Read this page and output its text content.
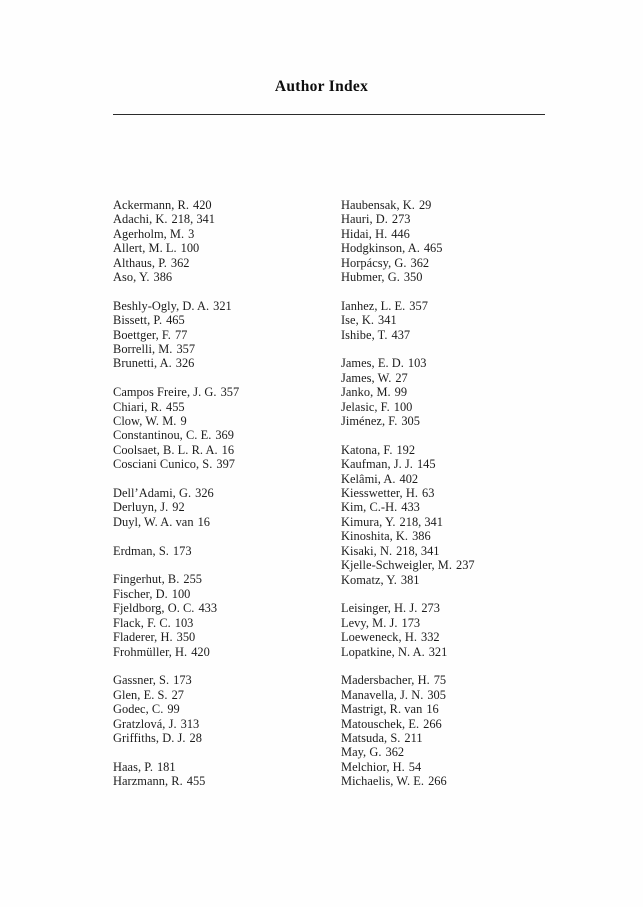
Author Index
Ackermann, R. 420
Adachi, K. 218, 341
Agerholm, M. 3
Allert, M. L. 100
Althaus, P. 362
Aso, Y. 386
Beshly-Ogly, D. A. 321
Bissett, P. 465
Boettger, F. 77
Borrelli, M. 357
Brunetti, A. 326
Campos Freire, J. G. 357
Chiari, R. 455
Clow, W. M. 9
Constantinou, C. E. 369
Coolsaet, B. L. R. A. 16
Cosciani Cunico, S. 397
Dell’Adami, G. 326
Derluyn, J. 92
Duyl, W. A. van 16
Erdman, S. 173
Fingerhut, B. 255
Fischer, D. 100
Fjeldborg, O. C. 433
Flack, F. C. 103
Fladerer, H. 350
Frohmüller, H. 420
Gassner, S. 173
Glen, E. S. 27
Godec, C. 99
Gratzlová, J. 313
Griffiths, D. J. 28
Haas, P. 181
Harzmann, R. 455
Haubensak, K. 29
Hauri, D. 273
Hidai, H. 446
Hodgkinson, A. 465
Horpácsy, G. 362
Hubmer, G. 350
Ianhez, L. E. 357
Ise, K. 341
Ishibe, T. 437
James, E. D. 103
James, W. 27
Janko, M. 99
Jelasic, F. 100
Jiménez, F. 305
Katona, F. 192
Kaufman, J. J. 145
Kelâmi, A. 402
Kiesswetter, H. 63
Kim, C.-H. 433
Kimura, Y. 218, 341
Kinoshita, K. 386
Kisaki, N. 218, 341
Kjelle-Schweigler, M. 237
Komatz, Y. 381
Leisinger, H. J. 273
Levy, M. J. 173
Loeweneck, H. 332
Lopatkine, N. A. 321
Madersbacher, H. 75
Manavella, J. N. 305
Mastrigt, R. van 16
Matouschek, E. 266
Matsuda, S. 211
May, G. 362
Melchior, H. 54
Michaelis, W. E. 266
